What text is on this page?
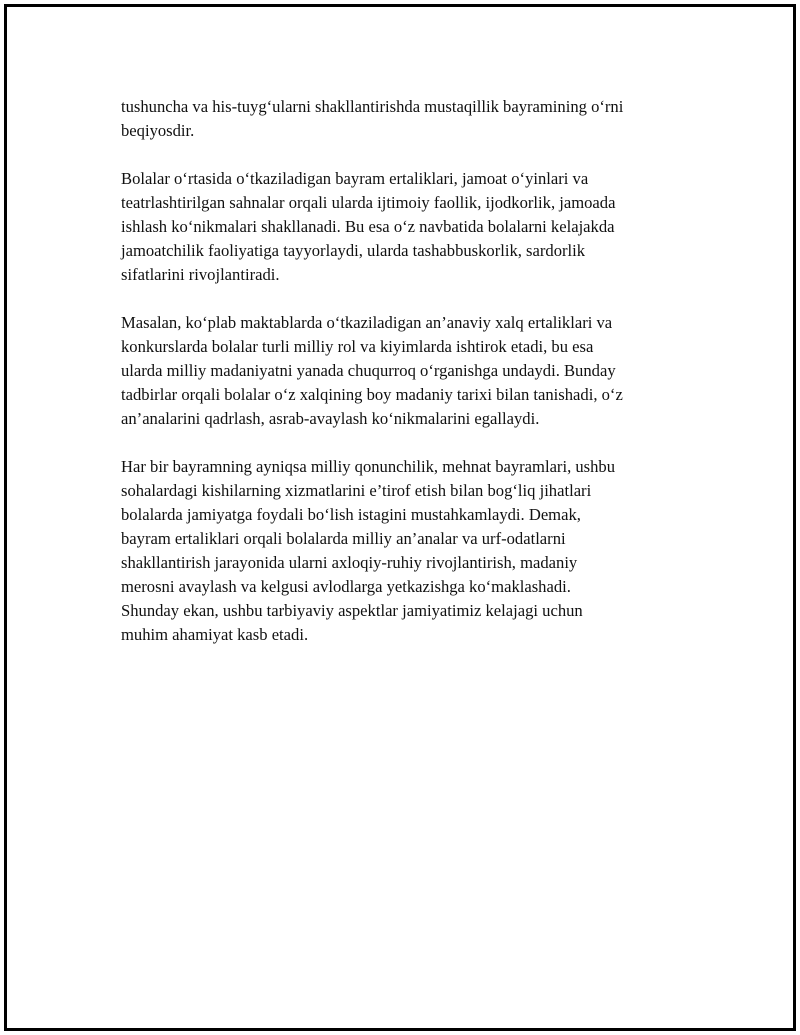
tushuncha va his-tuyg‘ularni shakllantirishda mustaqillik bayramining o‘rni
beqiyosdir.

Bolalar o‘rtasida o‘tkaziladigan bayram ertaliklari, jamoat o‘yinlari va
teatrlashtirilgan sahnalar orqali ularda ijtimoiy faollik, ijodkorlik, jamoada
ishlash ko‘nikmalari shakllanadi. Bu esa o‘z navbatida bolalarni kelajakda
jamoatchilik faoliyatiga tayyorlaydi, ularda tashabbuskorlik, sardorlik
sifatlarini rivojlantiradi.

Masalan, ko‘plab maktablarda o‘tkaziladigan an’anaviy xalq ertaliklari va
konkurslarda bolalar turli milliy rol va kiyimlarda ishtirok etadi, bu esa
ularda milliy madaniyatni yanada chuqurroq o‘rganishga undaydi. Bunday
tadbirlar orqali bolalar o‘z xalqining boy madaniy tarixi bilan tanishadi, o‘z
an’analarini qadrlash, asrab-avaylash ko‘nikmalarini egallaydi.

Har bir bayramning ayniqsa milliy qonunchilik, mehnat bayramlari, ushbu
sohalardagi kishilarning xizmatlarini e’tirof etish bilan bog‘liq jihatlari
bolalarda jamiyatga foydali bo‘lish istagini mustahkamlaydi. Demak,
bayram ertaliklari orqali bolalarda milliy an’analar va urf-odatlarni
shakllantirish jarayonida ularni axloqiy-ruhiy rivojlantirish, madaniy
merosni avaylash va kelgusi avlodlarga yetkazishga ko‘maklashadi.
Shunday ekan, ushbu tarbiyaviy aspektlar jamiyatimiz kelajagi uchun
muhim ahamiyat kasb etadi.
